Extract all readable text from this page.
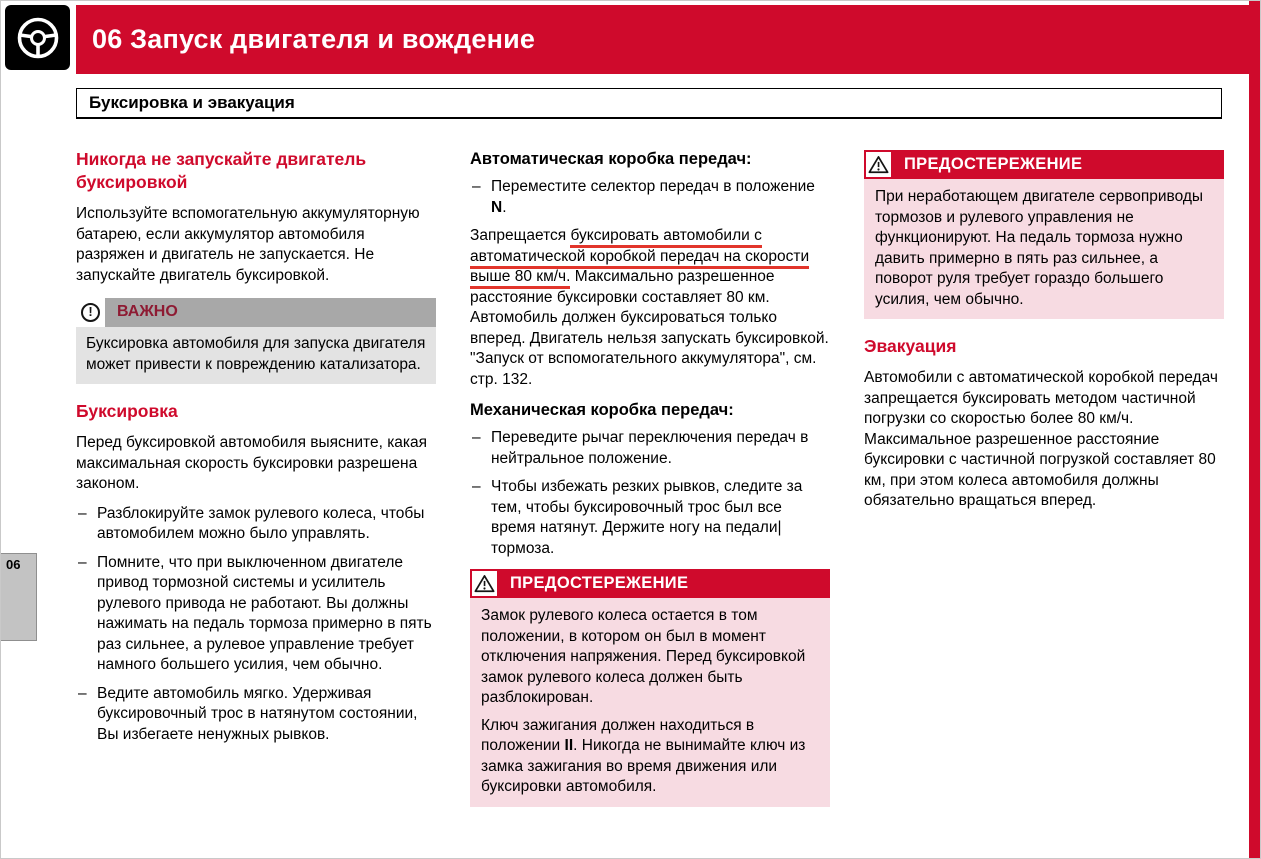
06 Запуск двигателя и вождение
Буксировка и эвакуация
Никогда не запускайте двигатель буксировкой

Используйте вспомогательную аккумуляторную батарею, если аккумулятор автомобиля разряжен и двигатель не запускается. Не запускайте двигатель буксировкой.

!	ВАЖНО

Буксировка автомобиля для запуска двигателя может привести к повреждению катализатора.

Буксировка

Перед буксировкой автомобиля выясните, какая максимальная скорость буксировки разрешена законом.

– Разблокируйте замок рулевого колеса, чтобы автомобилем можно было управлять.
– Помните, что при выключенном двигателе привод тормозной системы и усилитель рулевого привода не работают. Вы должны нажимать на педаль тормоза примерно в пять раз сильнее, а рулевое управление требует намного большего усилия, чем обычно.
– Ведите автомобиль мягко. Удерживая буксировочный трос в натянутом состоянии, Вы избегаете ненужных рывков.
Автоматическая коробка передач:
– Переместите селектор передач в положение N.

Запрещается буксировать автомобили с автоматической коробкой передач на скорости выше 80 км/ч. Максимально разрешенное расстояние буксировки составляет 80 км. Автомобиль должен буксироваться только вперед. Двигатель нельзя запускать буксировкой. "Запуск от вспомогательного аккумулятора", см. стр. 132.

Механическая коробка передач:
– Переведите рычаг переключения передач в нейтральное положение.
– Чтобы избежать резких рывков, следите за тем, чтобы буксировочный трос был все время натянут. Держите ногу на педали| тормоза.
ПРЕДОСТЕРЕЖЕНИЕ

Замок рулевого колеса остается в том положении, в котором он был в момент отключения напряжения. Перед буксировкой замок рулевого колеса должен быть разблокирован.

Ключ зажигания должен находиться в положении II. Никогда не вынимайте ключ из замка зажигания во время движения или буксировки автомобиля.

ПРЕДОСТЕРЕЖЕНИЕ

При неработающем двигателе сервоприводы тормозов и рулевого управления не функционируют. На педаль тормоза нужно давить примерно в пять раз сильнее, а поворот руля требует гораздо большего усилия, чем обычно.

Эвакуация

Автомобили с автоматической коробкой передач запрещается буксировать методом частичной погрузки со скоростью более 80 км/ч. Максимальное разрешенное расстояние буксировки с частичной погрузкой составляет 80 км, при этом колеса автомобиля должны обязательно вращаться вперед.

06
